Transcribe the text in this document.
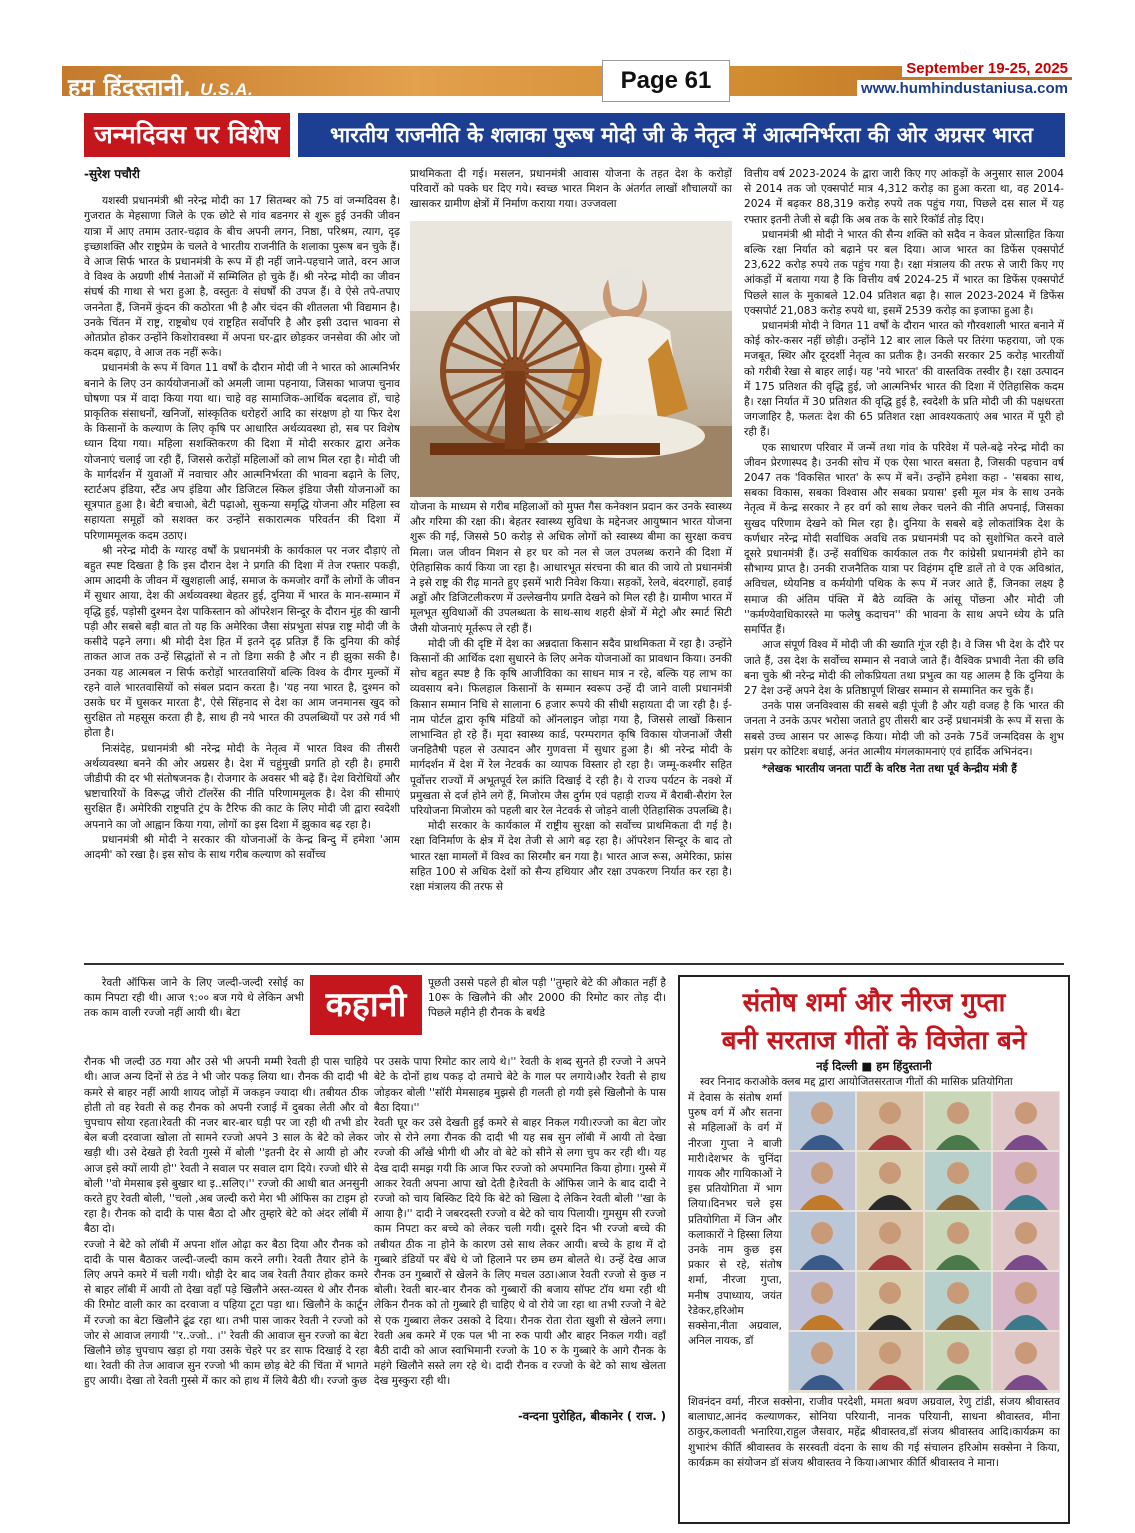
हम हिंदुस्तानी, U.S.A.	Page 61	September 19-25, 2025
www.humhindustaniusa.com
जन्मदिवस पर विशेष	भारतीय राजनीति के शलाका पुरूष मोदी जी के नेतृत्व में आत्मनिर्भरता की ओर अग्रसर भारत
-सुरेश पचौरी

यशस्वी प्रधानमंत्री श्री नरेन्द्र मोदी का 17 सितम्बर को 75 वां जन्मदिवस है। गुजरात के मेहसाणा जिले के एक छोटे से गांव बडनगर से शुरू हुई उनकी जीवन यात्रा में आए तमाम उतार-चढ़ाव के बीच अपनी लगन, निष्ठा, परिश्रम, त्याग, दृढ़ इच्छाशक्ति और राष्ट्रप्रेम के चलते वे भारतीय राजनीति के शलाका पुरूष बन चुके हैं। वे आज सिर्फ भारत के प्रधानमंत्री के रूप में ही नहीं जाने-पहचाने जाते, वरन आज वे विश्व के अग्रणी शीर्ष नेताओं में सम्मिलित हो चुके हैं। श्री नरेन्द्र मोदी का जीवन संघर्ष की गाथा से भरा हुआ है, वस्तुतः वे संघर्षों की उपज हैं। वे ऐसे तपे-तपाए जननेता हैं, जिनमें कुंदन की कठोरता भी है और चंदन की शीतलता भी विद्यमान है। उनके चिंतन में राष्ट्र, राष्ट्रबोध एवं राष्ट्रहित सर्वोपरि है और इसी उदात्त भावना से ओतप्रोत होकर उन्होंने किशोरावस्था में अपना घर-द्वार छोड़कर जनसेवा की ओर जो कदम बढ़ाए, वे आज तक नहीं रूके।

प्रधानमंत्री के रूप में विगत 11 वर्षों के दौरान मोदी जी ने भारत को आत्मनिर्भर बनाने के लिए उन कार्ययोजनाओं को अमली जामा पहनाया, जिसका भाजपा चुनाव घोषणा पत्र में वादा किया गया था। चाहे वह सामाजिक-आर्थिक बदलाव हों, चाहे प्राकृतिक संसाधनों, खनिजों, सांस्कृतिक धरोहरों आदि का संरक्षण हो या फिर देश के किसानों के कल्याण के लिए कृषि पर आधारित अर्थव्यवस्था हो, सब पर विशेष ध्यान दिया गया। महिला सशक्तिकरण की दिशा में मोदी सरकार द्वारा अनेक योजनाएं चलाई जा रही हैं, जिससे करोड़ों महिलाओं को लाभ मिल रहा है। मोदी जी के मार्गदर्शन में युवाओं में नवाचार और आत्मनिर्भरता की भावना बढ़ाने के लिए, स्टार्टअप इंडिया, स्टैंड अप इंडिया और डिजिटल स्किल इंडिया जैसी योजनाओं का सूत्रपात हुआ है। बेटी बचाओ, बेटी पढ़ाओ, सुकन्या समृद्धि योजना और महिला स्व सहायता समूहों को सशक्त कर उन्होंने सकारात्मक परिवर्तन की दिशा में परिणाममूलक कदम उठाए।

श्री नरेन्द्र मोदी के ग्यारह वर्षों के प्रधानमंत्री के कार्यकाल पर नजर दौड़ाएं तो बहुत स्पष्ट दिखता है कि इस दौरान देश ने प्रगति की दिशा में तेज रफ्तार पकड़ी, आम आदमी के जीवन में खुशहाली आई, समाज के कमजोर वर्गों के लोगों के जीवन में सुधार आया, देश की अर्थव्यवस्था बेहतर हुई, दुनिया में भारत के मान-सम्मान में वृद्धि हुई, पड़ोसी दुश्मन देश पाकिस्तान को ऑपरेशन सिन्दूर के दौरान मुंह की खानी पड़ी और सबसे बड़ी बात तो यह कि अमेरिका जैसा संप्रभुता संपन्न राष्ट्र मोदी जी के कसीदे पढ़ने लगा। श्री मोदी देश हित में इतने दृढ़ प्रतिज्ञ हैं कि दुनिया की कोई ताकत आज तक उन्हें सिद्धांतों से न तो डिगा सकी है और न ही झुका सकी है। उनका यह आत्मबल न सिर्फ करोड़ों भारतवासियों बल्कि विश्व के दीगर मुल्कों में रहने वाले भारतवासियों को संबल प्रदान करता है। 'यह नया भारत है, दुश्मन को उसके घर में घुसकर मारता है', ऐसे सिंहनाद से देश का आम जनमानस खुद को सुरक्षित तो महसूस करता ही है, साथ ही नये भारत की उपलब्धियों पर उसे गर्व भी होता है।

निःसंदेह, प्रधानमंत्री श्री नरेन्द्र मोदी के नेतृत्व में भारत विश्व की तीसरी अर्थव्यवस्था बनने की ओर अग्रसर है। देश में चहुंमुखी प्रगति हो रही है। हमारी जीडीपी की दर भी संतोषजनक है। रोजगार के अवसर भी बढ़े हैं। देश विरोधियों और भ्रष्टाचारियों के विरूद्ध जीरो टॉलरेंस की नीति परिणाममूलक है। देश की सीमाएं सुरक्षित हैं। अमेरिकी राष्ट्रपति ट्रंप के टैरिफ की काट के लिए मोदी जी द्वारा स्वदेशी अपनाने का जो आह्वान किया गया, लोगों का इस दिशा में झुकाव बढ़ रहा है।

प्रधानमंत्री श्री मोदी ने सरकार की योजनाओं के केन्द्र बिन्दु में हमेशा 'आम आदमी' को रखा है। इस सोच के साथ गरीब कल्याण को सर्वोच्च

प्राथमिकता दी गई। मसलन, प्रधानमंत्री आवास योजना के तहत देश के करोड़ों परिवारों को पक्के घर दिए गये। स्वच्छ भारत मिशन के अंतर्गत लाखों शौचालयों का खासकर ग्रामीण क्षेत्रों में निर्माण कराया गया। उज्जवला

योजना के माध्यम से गरीब महिलाओं को मुफ्त गैस कनेक्शन प्रदान कर उनके स्वास्थ्य और गरिमा की रक्षा की। बेहतर स्वास्थ्य सुविधा के मद्देनजर आयुष्मान भारत योजना शुरू की गई, जिससे 50 करोड़ से अधिक लोगों को स्वास्थ्य बीमा का सुरक्षा कवच मिला। जल जीवन मिशन से हर घर को नल से जल उपलब्ध कराने की दिशा में ऐतिहासिक कार्य किया जा रहा है। आधारभूत संरचना की बात की जाये तो प्रधानमंत्री ने इसे राष्ट्र की रीढ़ मानते हुए इसमें भारी निवेश किया। सड़कों, रेलवे, बंदरगाहों, हवाई अड्डों और डिजिटलीकरण में उल्लेखनीय प्रगति देखने को मिल रही है। ग्रामीण भारत में मूलभूत सुविधाओं की उपलब्धता के साथ-साथ शहरी क्षेत्रों में मेट्रो और स्मार्ट सिटी जैसी योजनाएं मूर्तरूप ले रही हैं।

मोदी जी की दृष्टि में देश का अन्नदाता किसान सदैव प्राथमिकता में रहा है। उन्होंने किसानों की आर्थिक दशा सुधारने के लिए अनेक योजनाओं का प्रावधान किया। उनकी सोच बहुत स्पष्ट है कि कृषि आजीविका का साधन मात्र न रहे, बल्कि यह लाभ का व्यवसाय बने। फिलहाल किसानों के सम्मान स्वरूप उन्हें दी जाने वाली प्रधानमंत्री किसान सम्मान निधि से सालाना 6 हजार रूपये की सीधी सहायता दी जा रही है। ई-नाम पोर्टल द्वारा कृषि मंडियों को ऑनलाइन जोड़ा गया है, जिससे लाखों किसान लाभान्वित हो रहे हैं। मृदा स्वास्थ्य कार्ड, परम्परागत कृषि विकास योजनाओं जैसी जनहितैषी पहल से उत्पादन और गुणवत्ता में सुधार हुआ है। श्री नरेन्द्र मोदी के मार्गदर्शन में देश में रेल नेटवर्क का व्यापक विस्तार हो रहा है। जम्मू-कश्मीर सहित पूर्वोत्तर राज्यों में अभूतपूर्व रेल क्रांति दिखाई दे रही है। ये राज्य पर्यटन के नक्शे में प्रमुखता से दर्ज होने लगे हैं, मिजोरम जैस दुर्गम एवं पहाड़ी राज्य में बैराबी-सैरांग रेल परियोजना मिजोरम को पहली बार रेल नेटवर्क से जोड़ने वाली ऐतिहासिक उपलब्धि है।

मोदी सरकार के कार्यकाल में राष्ट्रीय सुरक्षा को सर्वोच्च प्राथमिकता दी गई है। रक्षा विनिर्माण के क्षेत्र में देश तेजी से आगे बढ़ रहा है। ऑपरेशन सिन्दूर के बाद तो भारत रक्षा मामलों में विश्व का सिरमौर बन गया है। भारत आज रूस, अमेरिका, फ्रांस सहित 100 से अधिक देशों को सैन्य हथियार और रक्षा उपकरण निर्यात कर रहा है। रक्षा मंत्रालय की तरफ से

वित्तीय वर्ष 2023-2024 के द्वारा जारी किए गए आंकड़ों के अनुसार साल 2004 से 2014 तक जो एक्सपोर्ट मात्र 4,312 करोड़ का हुआ करता था, वह 2014-2024 में बढ़कर 88,319 करोड़ रुपये तक पहुंच गया, पिछले दस साल में यह रफ्तार इतनी तेजी से बढ़ी कि अब तक के सारे रिकॉर्ड तोड़ दिए।

प्रधानमंत्री श्री मोदी ने भारत की सैन्य शक्ति को सदैव न केवल प्रोत्साहित किया बल्कि रक्षा निर्यात को बढ़ाने पर बल दिया। आज भारत का डिफेंस एक्सपोर्ट 23,622 करोड़ रुपये तक पहुंच गया है। रक्षा मंत्रालय की तरफ से जारी किए गए आंकड़ों में बताया गया है कि वित्तीय वर्ष 2024-25 में भारत का डिफेंस एक्सपोर्ट पिछले साल के मुकाबले 12.04 प्रतिशत बढ़ा है। साल 2023-2024 में डिफेंस एक्सपोर्ट 21,083 करोड़ रुपये था, इसमें 2539 करोड़ का इजाफा हुआ है।

प्रधानमंत्री मोदी ने विगत 11 वर्षों के दौरान भारत को गौरवशाली भारत बनाने में कोई कोर-कसर नहीं छोड़ी। उन्होंने 12 बार लाल किले पर तिरंगा फहराया, जो एक मजबूत, स्थिर और दूरदर्शी नेतृत्व का प्रतीक है। उनकी सरकार 25 करोड़ भारतीयों को गरीबी रेखा से बाहर लाई। यह 'नये भारत' की वास्तविक तस्वीर है। रक्षा उत्पादन में 175 प्रतिशत की वृद्धि हुई, जो आत्मनिर्भर भारत की दिशा में ऐतिहासिक कदम है। रक्षा निर्यात में 30 प्रतिशत की वृद्धि हुई है, स्वदेशी के प्रति मोदी जी की पक्षधरता जगजाहिर है, फलतः देश की 65 प्रतिशत रक्षा आवश्यकताएं अब भारत में पूरी हो रही हैं।

एक साधारण परिवार में जन्में तथा गांव के परिवेश में पले-बढ़े नरेन्द्र मोदी का जीवन प्रेरणास्पद है। उनकी सोच में एक ऐसा भारत बसता है, जिसकी पहचान वर्ष 2047 तक 'विकसित भारत' के रूप में बनें। उन्होंने हमेशा कहा - 'सबका साथ, सबका विकास, सबका विश्वास और सबका प्रयास' इसी मूल मंत्र के साथ उनके नेतृत्व में केन्द्र सरकार ने हर वर्ग को साथ लेकर चलने की नीति अपनाई, जिसका सुखद परिणाम देखने को मिल रहा है। दुनिया के सबसे बड़े लोकतांत्रिक देश के कर्णधार नरेन्द्र मोदी सर्वाधिक अवधि तक प्रधानमंत्री पद को सुशोभित करने वाले दूसरे प्रधानमंत्री हैं। उन्हें सर्वाधिक कार्यकाल तक गैर कांग्रेसी प्रधानमंत्री होने का सौभाग्य प्राप्त है। उनकी राजनैतिक यात्रा पर विहंगम दृष्टि डालें तो वे एक अविश्रांत, अविचल, ध्येयनिष्ठ व कर्मयोगी पथिक के रूप में नजर आते हैं, जिनका लक्ष्य है समाज की अंतिम पंक्ति में बैठे व्यक्ति के आंसू पोंछना और मोदी जी ''कर्मण्येवाधिकारस्ते मा फलेषु कदाचन'' की भावना के साथ अपने ध्येय के प्रति समर्पित हैं।

आज संपूर्ण विश्व में मोदी जी की ख्याति गूंज रही है। वे जिस भी देश के दौरे पर जाते हैं, उस देश के सर्वोच्च सम्मान से नवाजे जाते हैं। वैश्विक प्रभावी नेता की छवि बना चुके श्री नरेन्द्र मोदी की लोकप्रियता तथा प्रभुत्व का यह आलम है कि दुनिया के 27 देश उन्हें अपने देश के प्रतिष्ठापूर्ण शिखर सम्मान से सम्मानित कर चुके हैं।

उनके पास जनविश्वास की सबसे बड़ी पूंजी है और यही वजह है कि भारत की जनता ने उनके ऊपर भरोसा जताते हुए तीसरी बार उन्हें प्रधानमंत्री के रूप में सत्ता के सबसे उच्च आसन पर आरूढ़ किया। मोदी जी को उनके 75वें जन्मदिवस के शुभ प्रसंग पर कोटिशः बधाई, अनंत आत्मीय मंगलकामनाएं एवं हार्दिक अभिनंदन।

*लेखक भारतीय जनता पार्टी के वरिष्ठ नेता तथा पूर्व केन्द्रीय मंत्री हैं

कहानी

रेवती ऑफिस जाने के लिए जल्दी-जल्दी रसोई का काम निपटा रही थी। आज ९:०० बज गये थे लेकिन अभी तक काम वाली रज्जो नहीं आयी थी। बेटा

रौनक भी जल्दी उठ गया और उसे भी अपनी मम्मी रेवती ही पास चाहिये थी। आज अन्य दिनों से ठंड ने भी जोर पकड़ लिया था। रौनक की दादी भी कमरे से बाहर नहीं आयी शायद जोड़ों में जकड़न ज्यादा थी। तबीयत ठीक होती तो वह रेवती से कह रौनक को अपनी रजाई में दुबका लेती और वो चुपचाप सोया रहता।रेवती की नजर बार-बार घड़ी पर जा रही थी तभी डोर बेल बजी दरवाजा खोला तो सामने रज्जो अपने 3 साल के बेटे को लेकर खड़ी थी। उसे देखते ही रेवती गुस्से में बोली ''इतनी देर से आयी हो और आज इसे क्यों लायी हो'' रेवती ने सवाल पर सवाल दाग दिये। रज्जो धीरे से बोली ''वो मेमसाब इसे बुखार था इ..सलिए।'' रज्जो की आधी बात अनसुनी करते हुए रेवती बोली, ''चलो ,अब जल्दी करो मेरा भी ऑफिस का टाइम हो रहा है। रौनक को दादी के पास बैठा दो और तुम्हारे बेटे को अंदर लॉबी में बैठा दो।
रज्जो ने बेटे को लॉबी में अपना शॉल ओढ़ा कर बैठा दिया और रौनक को दादी के पास बैठाकर जल्दी-जल्दी काम करने लगी। रेवती तैयार होने के लिए अपने कमरे में चली गयी। थोड़ी देर बाद जब रेवती तैयार होकर कमरे से बाहर लॉबी में आयी तो देखा वहाँ पड़े खिलौने अस्त-व्यस्त थे और रौनक की रिमोट वाली कार का दरवाजा व पहिया टूटा पड़ा था। खिलौने के कार्टून में रज्जो का बेटा खिलौने ढूंढ रहा था। तभी पास जाकर रेवती ने रज्जो को जोर से आवाज लगायी ''र..ज्जो.. ।'' रेवती की आवाज सुन रज्जो का बेटा खिलौने छोड़ चुपचाप खड़ा हो गया उसके चेहरे पर डर साफ दिखाई दे रहा था। रेवती की तेज आवाज सुन रज्जो भी काम छोड़ बेटे की चिंता में भागते हुए आयी। देखा तो रेवती गुस्से में कार को हाथ में लिये बैठी थी। रज्जो कुछ

पूछती उससे पहले ही बोल पड़ी ''तुम्हारे बेटे की औकात नहीं है 10रू के खिलौने की और 2000 की रिमोट कार तोड़ दी। पिछले महीने ही रौनक के बर्थडे

पर उसके पापा रिमोट कार लाये थे।'' रेवती के शब्द सुनते ही रज्जो ने अपने बेटे के दोनों हाथ पकड़ दो तमाचे बेटे के गाल पर लगाये।और रेवती से हाथ जोड़कर बोली ''सॉरी मेमसाहब मुझसे ही गलती हो गयी इसे खिलौनो के पास बैठा दिया।''
रेवती घूर कर उसे देखती हुई कमरे से बाहर निकल गयी।रज्जो का बेटा जोर जोर से रोने लगा रौनक की दादी भी यह सब सुन लॉबी में आयी तो देखा रज्जो की आँखे भीगी थी और वो बेटे को सीने से लगा चुप कर रही थी। यह देख दादी समझ गयी कि आज फिर रज्जो को अपमानित किया होगा। गुस्से में आकर रेवती अपना आपा खो देती है।रेवती के ऑफिस जाने के बाद दादी ने रज्जो को चाय बिस्किट दिये कि बेटे को खिला दे लेकिन रेवती बोली ''खा के आया है।'' दादी ने जबरदस्ती रज्जो व बेटे को चाय पिलायी। गुमसुम सी रज्जो काम निपटा कर बच्चे को लेकर चली गयी। दूसरे दिन भी रज्जो बच्चे की तबीयत ठीक ना होने के कारण उसे साथ लेकर आयी। बच्चे के हाथ में दो गुब्बारे डंडियों पर बँधे थे जो हिलाने पर छम छम बोलते थे। उन्हें देख आज रौनक उन गुब्बारों से खेलने के लिए मचल उठा।आज रेवती रज्जो से कुछ न बोली। रेवती बार-बार रौनक को गुब्बारों की बजाय सॉफ्ट टॉय थमा रही थी लेकिन रौनक को तो गुब्बारे ही चाहिए थे वो रोये जा रहा था तभी रज्जो ने बेटे से एक गुब्बारा लेकर उसको दे दिया। रौनक रोता रोता खुशी से खेलने लगा। रेवती अब कमरे में एक पल भी ना रुक पायी और बाहर निकल गयी। वहाँ बैठी दादी को आज स्वाभिमानी रज्जो के 10 रु के गुब्बारे के आगे रौनक के महंगे खिलौने सस्ते लग रहे थे। दादी रौनक व रज्जो के बेटे को साथ खेलता देख मुस्कुरा रही थी।

-वन्दना पुरोहित, बीकानेर ( राज. )

संतोष शर्मा और नीरज गुप्ता
बनी सरताज गीतों के विजेता बने
नई दिल्ली ■ हम हिंदुस्तानी
स्वर निनाद कराओके क्लब मद्द द्वारा आयोजितसरताज गीतों की मासिक प्रतियोगिता
में देवास के संतोष शर्मा पुरुष वर्ग में और सतना से महिलाओं के वर्ग में नीरजा गुप्ता ने बाजी मारी।देशभर के चुनिंदा गायक और गायिकाओं ने इस प्रतियोगिता में भाग लिया।दिनभर चले इस प्रतियोगिता में जिन और कलाकारों ने हिस्सा लिया उनके नाम कुछ इस प्रकार से रहे, संतोष शर्मा, नीरजा गुप्ता, मनीष उपाध्याय, जयंत रेडेकर,हरिओम सक्सेना,नीता अग्रवाल, अनिल नायक, डॉ
शिवनंदन वर्मा, नीरज सक्सेना, राजीव परदेशी, ममता श्रवण अग्रवाल, रेणु टांडी, संजय श्रीवास्तव बालाघाट,आनंद कल्याणकर, सोनिया परियानी, नानक परियानी, साधना श्रीवास्तव, मीना ठाकुर,कलावती भनारिया,राहुल जैसवार, महेंद्र श्रीवास्तव,डॉ संजय श्रीवास्तव आदि।कार्यक्रम का शुभारंभ कीर्ति श्रीवास्तव के सरस्वती वंदना के साथ की गई संचालन हरिओम सक्सेना ने किया, कार्यक्रम का संयोजन डॉ संजय श्रीवास्तव ने किया।आभार कीर्ति श्रीवास्तव ने माना।
